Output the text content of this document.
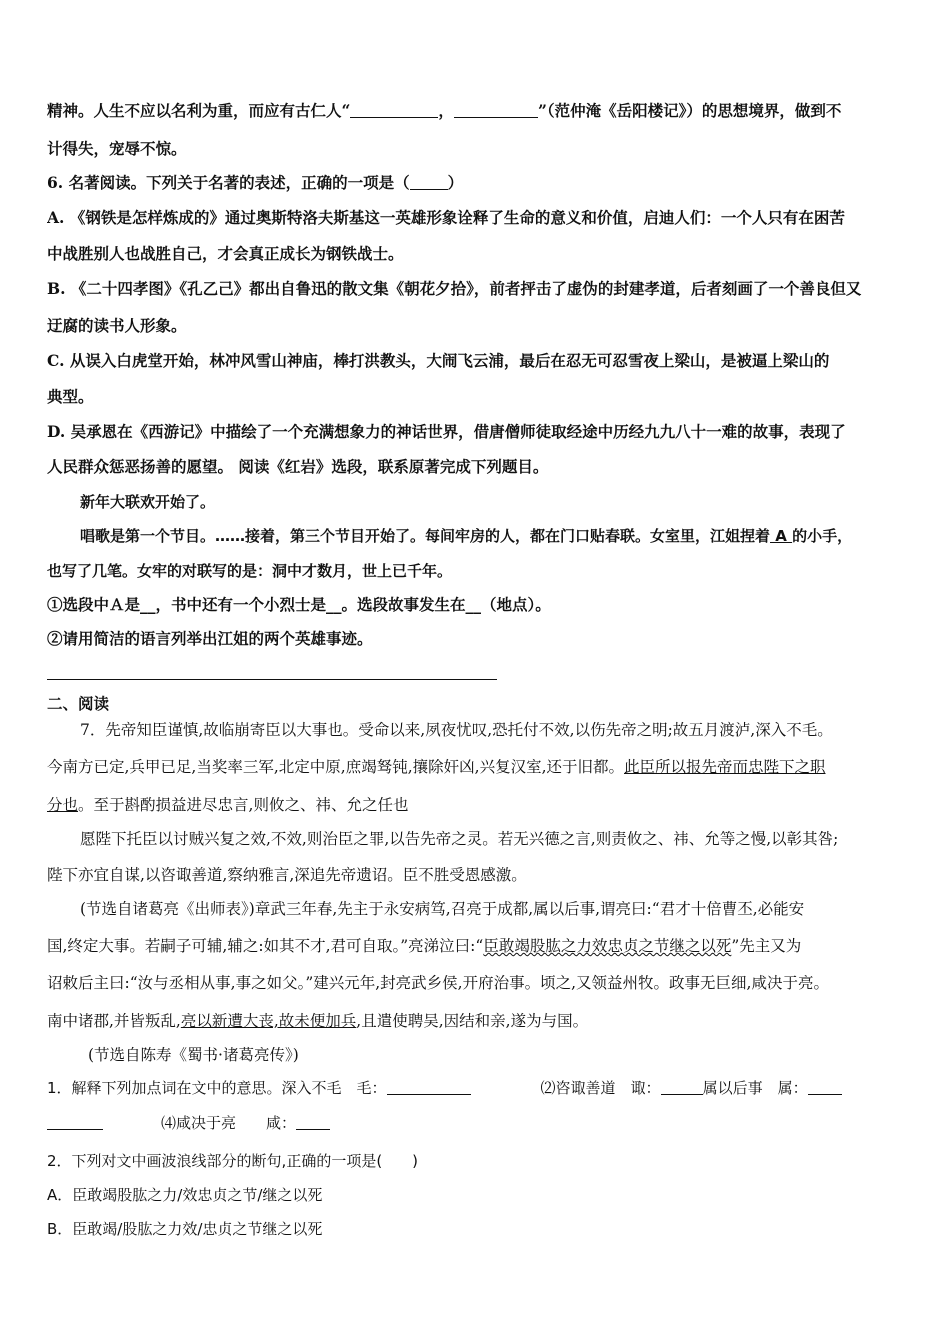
精神。人生不应以名利为重，而应有古仁人“	，	”（范仲淹《岳阳楼记》）的思想境界，做到不
计得失，宠辱不惊。
6. 名著阅读。下列关于名著的表述，正确的一项是（ ）
A. 《钢铁是怎样炼成的》通过奥斯特洛夫斯基这一英雄形象诠释了生命的意义和价值，启迪人们：一个人只有在困苦
中战胜别人也战胜自己，才会真正成长为钢铁战士。
B. 《二十四孝图》《孔乙己》都出自鲁迅的散文集《朝花夕拾》，前者抨击了虚伪的封建孝道，后者刻画了一个善良但又
迂腐的读书人形象。
C. 从误入白虎堂开始，林冲风雪山神庙，棒打洪教头，大闹飞云浦，最后在忍无可忍雪夜上梁山，是被逼上梁山的
典型。
D. 吴承恩在《西游记》中描绘了一个充满想象力的神话世界，借唐僧师徒取经途中历经九九八十一难的故事，表现了
人民群众惩恶扬善的愿望。 阅读《红岩》选段，联系原著完成下列题目。
新年大联欢开始了。
唱歌是第一个节目。……接着，第三个节目开始了。每间牢房的人，都在门口贴春联。女室里，江姐捏着 A 的小手，
也写了几笔。女牢的对联写的是：洞中才数月，世上已千年。
①选段中Ａ是__，书中还有一个小烈士是__。选段故事发生在__（地点）。
②请用简洁的语言列举出江姐的两个英雄事迹。
二、阅读
7．先帝知臣谨慎,故临崩寄臣以大事也。受命以来,夙夜忧叹,恐托付不效,以伤先帝之明;故五月渡泸,深入不毛。
今南方已定,兵甲已足,当奖率三军,北定中原,庶竭驽钝,攘除奸凶,兴复汉室,还于旧都。此臣所以报先帝而忠陛下之职
分也。至于斟酌损益进尽忠言,则攸之、祎、允之任也
愿陛下托臣以讨贼兴复之效,不效,则治臣之罪,以告先帝之灵。若无兴德之言,则责攸之、祎、允等之慢,以彰其咎;
陛下亦宜自谋,以咨诹善道,察纳雅言,深追先帝遗诏。臣不胜受恩感激。
(节选自诸葛亮《出师表》)章武三年春,先主于永安病笃,召亮于成都,属以后事,谓亮曰:“君才十倍曹丕,必能安
国,终定大事。若嗣子可辅,辅之:如其不才,君可自取。”亮涕泣曰:“臣敢竭股肱之力效忠贞之节继之以死”先主又为
诏敕后主曰:“汝与丞相从事,事之如父。”建兴元年,封亮武乡侯,开府治事。顷之,又领益州牧。政事无巨细,咸决于亮。
南中诸郡,并皆叛乱,亮以新遭大丧,故未便加兵,且遣使聘吴,因结和亲,遂为与国。
(节选自陈寿《蜀书·诸葛亮传》)
1．解释下列加点词在文中的意思。深入不毛　毛：	⑵咨诹善道　诹：	属以后事　属：
⑷咸决于亮　　咸：
2．下列对文中画波浪线部分的断句,正确的一项是(　　)
A．臣敢竭股肱之力/效忠贞之节/继之以死
B．臣敢竭/股肱之力效/忠贞之节继之以死
